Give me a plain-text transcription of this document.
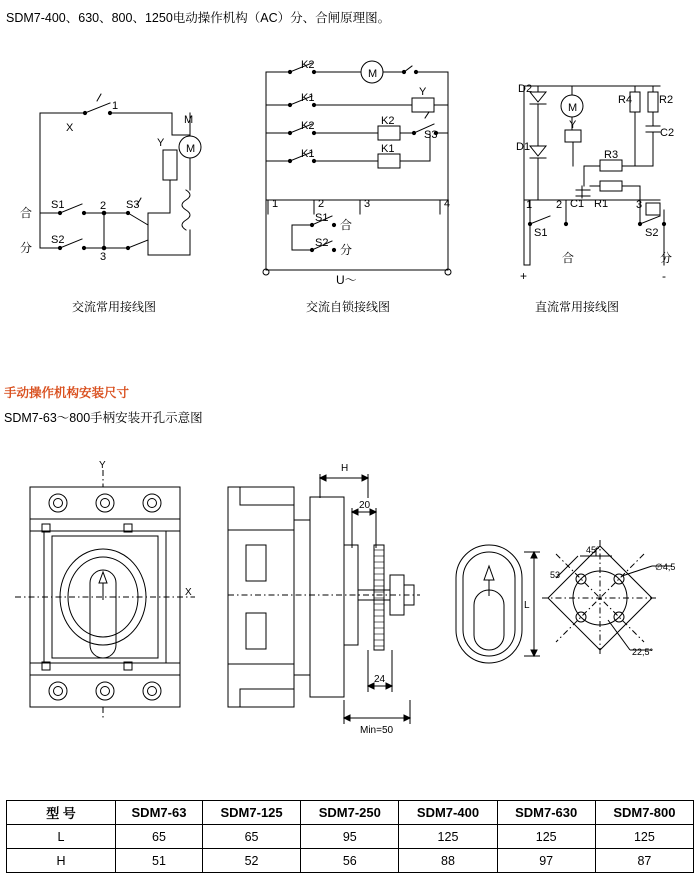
SDM7-400、630、800、1250电动操作机构（AC）分、合闸原理图。
X
1
M
M
Y
合
分
S1
S2
S3
2
3
K2
M
K1	Y
K2	K2
S3
K1	K1
1	2	3	4
S1 合
S2 分
U～
D2
M
Y
R4 R2
C2
D1
R3
C1 R1
1 2	3
S1	S2
合	分
+	-
交流常用接线图	交流自锁接线图	直流常用接线图
手动操作机构安装尺寸
SDM7-63～800手柄安装开孔示意图
Y
X
H
20
24
Min=50
L
45°
53
∅4,5
22,5°
型 号	SDM7-63	SDM7-125	SDM7-250	SDM7-400	SDM7-630	SDM7-800
L	65	65	95	125	125	125
H	51	52	56	88	97	87
